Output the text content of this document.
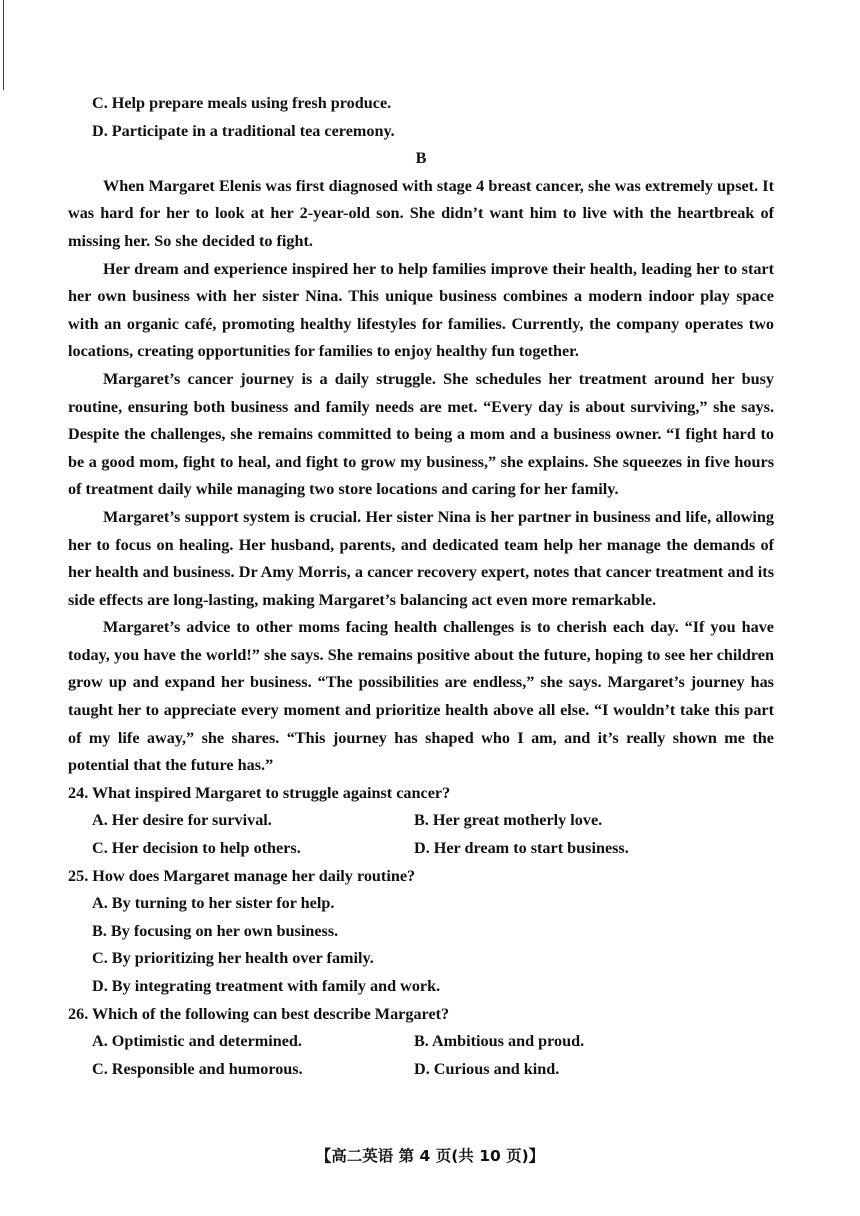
C. Help prepare meals using fresh produce.
D. Participate in a traditional tea ceremony.
B

When Margaret Elenis was first diagnosed with stage 4 breast cancer, she was extremely upset. It was hard for her to look at her 2-year-old son. She didn’t want him to live with the heartbreak of missing her. So she decided to fight.

Her dream and experience inspired her to help families improve their health, leading her to start her own business with her sister Nina. This unique business combines a modern indoor play space with an organic café, promoting healthy lifestyles for families. Currently, the company operates two locations, creating opportunities for families to enjoy healthy fun together.

Margaret’s cancer journey is a daily struggle. She schedules her treatment around her busy routine, ensuring both business and family needs are met. “Every day is about surviving,” she says. Despite the challenges, she remains committed to being a mom and a business owner. “I fight hard to be a good mom, fight to heal, and fight to grow my business,” she explains. She squeezes in five hours of treatment daily while managing two store locations and caring for her family.

Margaret’s support system is crucial. Her sister Nina is her partner in business and life, allowing her to focus on healing. Her husband, parents, and dedicated team help her manage the demands of her health and business. Dr Amy Morris, a cancer recovery expert, notes that cancer treatment and its side effects are long-lasting, making Margaret’s balancing act even more remarkable.

Margaret’s advice to other moms facing health challenges is to cherish each day. “If you have today, you have the world!” she says. She remains positive about the future, hoping to see her children grow up and expand her business. “The possibilities are endless,” she says. Margaret’s journey has taught her to appreciate every moment and prioritize health above all else. “I wouldn’t take this part of my life away,” she shares. “This journey has shaped who I am, and it’s really shown me the potential that the future has.”

24. What inspired Margaret to struggle against cancer?
A. Her desire for survival.	B. Her great motherly love.
C. Her decision to help others.	D. Her dream to start business.
25. How does Margaret manage her daily routine?
A. By turning to her sister for help.
B. By focusing on her own business.
C. By prioritizing her health over family.
D. By integrating treatment with family and work.
26. Which of the following can best describe Margaret?
A. Optimistic and determined.	B. Ambitious and proud.
C. Responsible and humorous.	D. Curious and kind.
【高二英语 第 4 页(共 10 页)】
